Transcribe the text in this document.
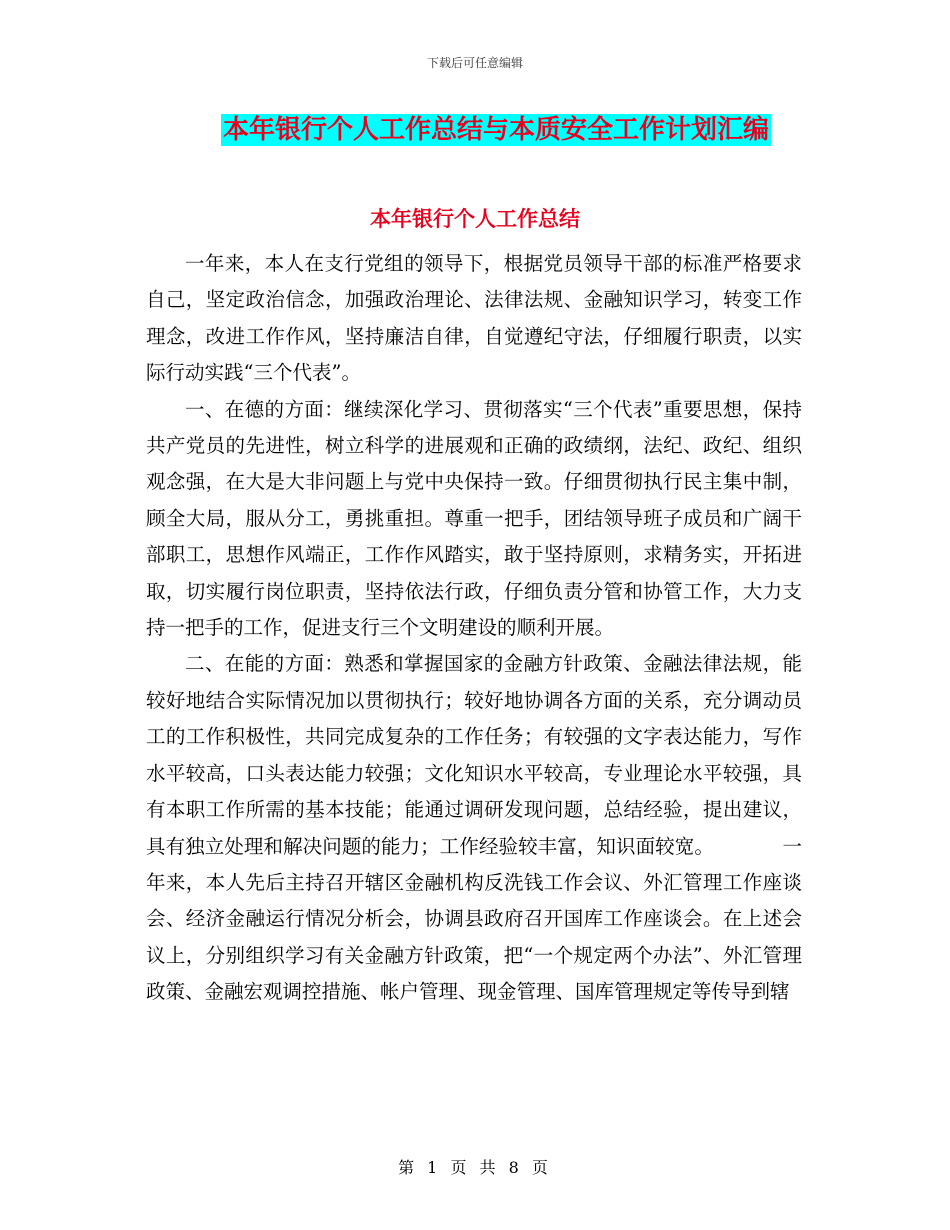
下载后可任意编辑
本年银行个人工作总结与本质安全工作计划汇编
本年银行个人工作总结

一年来，本人在支行党组的领导下，根据党员领导干部的标准严格要求自己，坚定政治信念，加强政治理论、法律法规、金融知识学习，转变工作理念，改进工作作风，坚持廉洁自律，自觉遵纪守法，仔细履行职责，以实际行动实践“三个代表”。

一、在德的方面：继续深化学习、贯彻落实“三个代表”重要思想，保持共产党员的先进性，树立科学的进展观和正确的政绩纲，法纪、政纪、组织观念强，在大是大非问题上与党中央保持一致。仔细贯彻执行民主集中制，顾全大局，服从分工，勇挑重担。尊重一把手，团结领导班子成员和广阔干部职工，思想作风端正，工作作风踏实，敢于坚持原则，求精务实，开拓进取，切实履行岗位职责，坚持依法行政，仔细负责分管和协管工作，大力支持一把手的工作，促进支行三个文明建设的顺利开展。

二、在能的方面：熟悉和掌握国家的金融方针政策、金融法律法规，能较好地结合实际情况加以贯彻执行；较好地协调各方面的关系，充分调动员工的工作积极性，共同完成复杂的工作任务；有较强的文字表达能力，写作水平较高，口头表达能力较强；文化知识水平较高，专业理论水平较强，具有本职工作所需的基本技能；能通过调研发现问题，总结经验，提出建议，具有独立处理和解决问题的能力；工作经验较丰富，知识面较宽。　　　　一年来，本人先后主持召开辖区金融机构反洗钱工作会议、外汇管理工作座谈会、经济金融运行情况分析会，协调县政府召开国库工作座谈会。在上述会议上，分别组织学习有关金融方针政策，把“一个规定两个办法”、外汇管理政策、金融宏观调控措施、帐户管理、现金管理、国库管理规定等传导到辖

第 1 页 共 8 页
